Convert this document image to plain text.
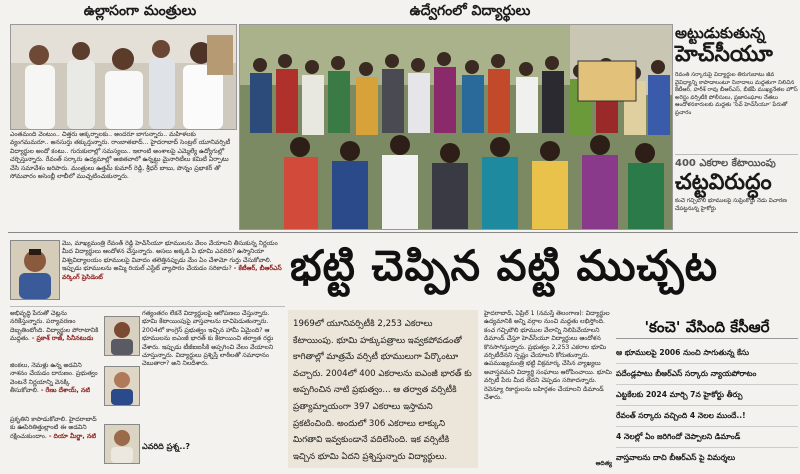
ఉల్లాసంగా మంత్రులు
ఎంతమంది వెంటుం.. చిత్తరు అక్కర్నాలకు.. అందరూ బాగున్నారు.. మహిళలకు వ్యంగమమరూ.. అనసుర్తు తక్కుర్తున్నారు. రాంబాతబాద్... హైదరాబాద్ సెంట్రల్ యూనివర్సిటీ విద్యార్థుల అందో కంటు.. గురుకులాల్లో సమస్యలు.. ఇలాంటి అంశాలపై ఎమ్మెల్యే ఉద్యోగుల్లో చర్చిస్తున్నారు. రేవంత్ సర్కారు ఉద్యమాల్లో అజితవాలో ఉన్నట్టు మైనారిటీలు కమిటీ ఏర్పాటు చేసి సమావేశం జరిపారు. మంత్రులు ఉత్తమ్ కుమార్ రెడ్డి, శ్రీధర్ బాబు, పొన్నం ప్రభాకర్ తో సోమవారం అసెంబ్లీ లాబీలో ముచ్చటించుకున్నారు.
ఉద్వేగంలో విద్యార్థులు
అట్టుడుకుతున్న
హెచ్‌సీయూ
రేవంత్ సర్కారుపై విద్యార్థుల తిరుగుబాటు జీవ వైవిధ్యాన్ని కాపాడాలంటూ నినాదాలు మద్దతుగా నిలిచిన కేటీఆర్, హరీశ్ రావు బీఆర్ఎస్, బీజేపీ ముఖ్యనేతల హౌస్ అరెస్టు వర్సిటీకి పోలీసులు, ప్రజాసంఘాల నేతలు ఆందోళనకారులకు మద్దతు 'సేవ్ హెచ్‌సీయూ' పేరుతో ప్రచారం
400 ఎకరాల కేటాయింపు
చట్టవిరుద్ధం
కంచె గచ్చిబౌలి భూములపై సుప్రీంకోర్టు నేడు విచారణ చేపట్టనున్న హైకోర్టు
మొ, మాఖ్యమంత్రి రేవంత్ రెడ్డి హెచ్‌సీయూ భూములను వేలం వేయాలని తీసుకున్న నిర్ణయం మీద విద్యార్థులు ఆందోళన చేస్తున్నారు. అసలు అక్కడి ఏ భూమి ఎవరిది? ఉస్మానియా విశ్వవిద్యాలయం భూములపై వివాదం తలెత్తినప్పుడు మేం ఏం చేశామో గుర్తు చేసుకోవాలి. ఇప్పుడు భూములను అమ్మి రియల్ ఎస్టేట్ వ్యాపారం చేయడం సరికాదు? - కేటీఆర్, బీఆర్ఎస్ వర్కింగ్ ప్రెసిడెంట్
అభివృద్ధి పేరుతో చెట్లను నరికేస్తున్నారు. పర్యావరణం దెబ్బతింటోంది. విద్యార్థుల పోరాటానికి మద్దతు. - ప్రకాశ్ రాజ్, సినీనటుడు
జింకలు, నెమళ్లు ఉన్న అడవిని నాశనం చేయడం దారుణం. ప్రభుత్వం వెంటనే నిర్ణయాన్ని వెనక్కి తీసుకోవాలి. - రేణు దేశాయ్, నటి
ప్రకృతిని కాపాడుకోవాలి. హైదరాబాద్ కు ఊపిరితిత్తుల్లాంటి ఈ అడవిని రక్షించుకుందాం. - దియా మీర్జా, నటి
భట్టి చెప్పిన వట్టి ముచ్చట
గత్యంతరం లేకనే విద్యార్థులపై ఆరోపణలు చేస్తున్నారు. భూమి కేటాయింపుపై వాస్తవాలను దాచిపెడుతున్నారు. 2004లో కాంగ్రెస్ ప్రభుత్వం ఇచ్చిన హామీ ఏమైంది? ఆ భూములను ఐఎంజీ భారత్ కు కేటాయించి తర్వాత రద్దు చేశారు. ఇప్పుడు టీజీఐఐసీకి అప్పగించి వేలం వేయాలని చూస్తున్నారు. విద్యార్థులు ప్రశ్నిస్తే లాఠీలతో సమాధానం చెబుతారా? అని నిలదీశారు.
ఎవరిది ప్రశ్న..?
1969లో యూనివర్సిటీకి 2,253 ఎకరాలు కేటాయింపు. భూమి హక్కుపత్రాలు ఇవ్వకపోవడంతో కాగితాల్లో మాత్రమే వర్సిటీ భూములుగా పేర్కొంటూ వచ్చారు. 2004లో 400 ఎకరాలను ఐఎంజీ భారత్ కు అప్పగించిన నాటి ప్రభుత్వం... ఆ తర్వాత వర్సిటీకి ప్రత్యామ్నాయంగా 397 ఎకరాలు ఇస్తామని ప్రకటించింది. అందులో 306 ఎకరాలు లాక్కుని మిగతావి ఇవ్వకుండానే వదిలేసింది. ఇక వర్సిటీకి ఇచ్చిన భూమి ఏదని ప్రశ్నిస్తున్నారు విద్యార్థులు.
హైదరాబాద్, ఏప్రిల్ 1 (నమస్తే తెలంగాణ): విద్యార్థుల ఉద్యమానికి అన్ని వర్గాల నుంచి మద్దతు లభిస్తోంది. కంచ గచ్చిబౌలి భూముల వేలాన్ని నిలిపివేయాలని డిమాండ్ చేస్తూ హెచ్‌సీయూ విద్యార్థులు ఆందోళన కొనసాగిస్తున్నారు. ప్రభుత్వం 2,253 ఎకరాల భూమి వర్సిటీదేనని స్పష్టం చేయాలని కోరుతున్నారు. ఉపముఖ్యమంత్రి భట్టి విక్రమార్క చేసిన వ్యాఖ్యలు అవాస్తవమని విద్యార్థి సంఘాలు ఆరోపించాయి. భూమి వర్సిటీ పేరు మీద లేదని చెప్పడం సరికాదన్నారు. రెవెన్యూ రికార్డులను బహిర్గతం చేయాలని డిమాండ్ చేశారు.
ఆదిత్య
'కంచె' వేసింది కేసీఆరే
ఆ భూములపై 2006 నుంచి సాగుతున్న కేసు
పదేండ్లపాటు బీఆర్ఎస్ సర్కారు న్యాయపోరాటం
ఎట్టకేలకు 2024 మార్చి 7న హైకోర్టు తీర్పు
రేవంత్ సర్కారు వచ్చింది 4 నెలల ముందే..!
4 నెలల్లో ఏం జరిగిందో చెప్పాలని డిమాండ్
వాస్తవాలను దాచి బీఆర్ఎస్ పై విమర్శలు
